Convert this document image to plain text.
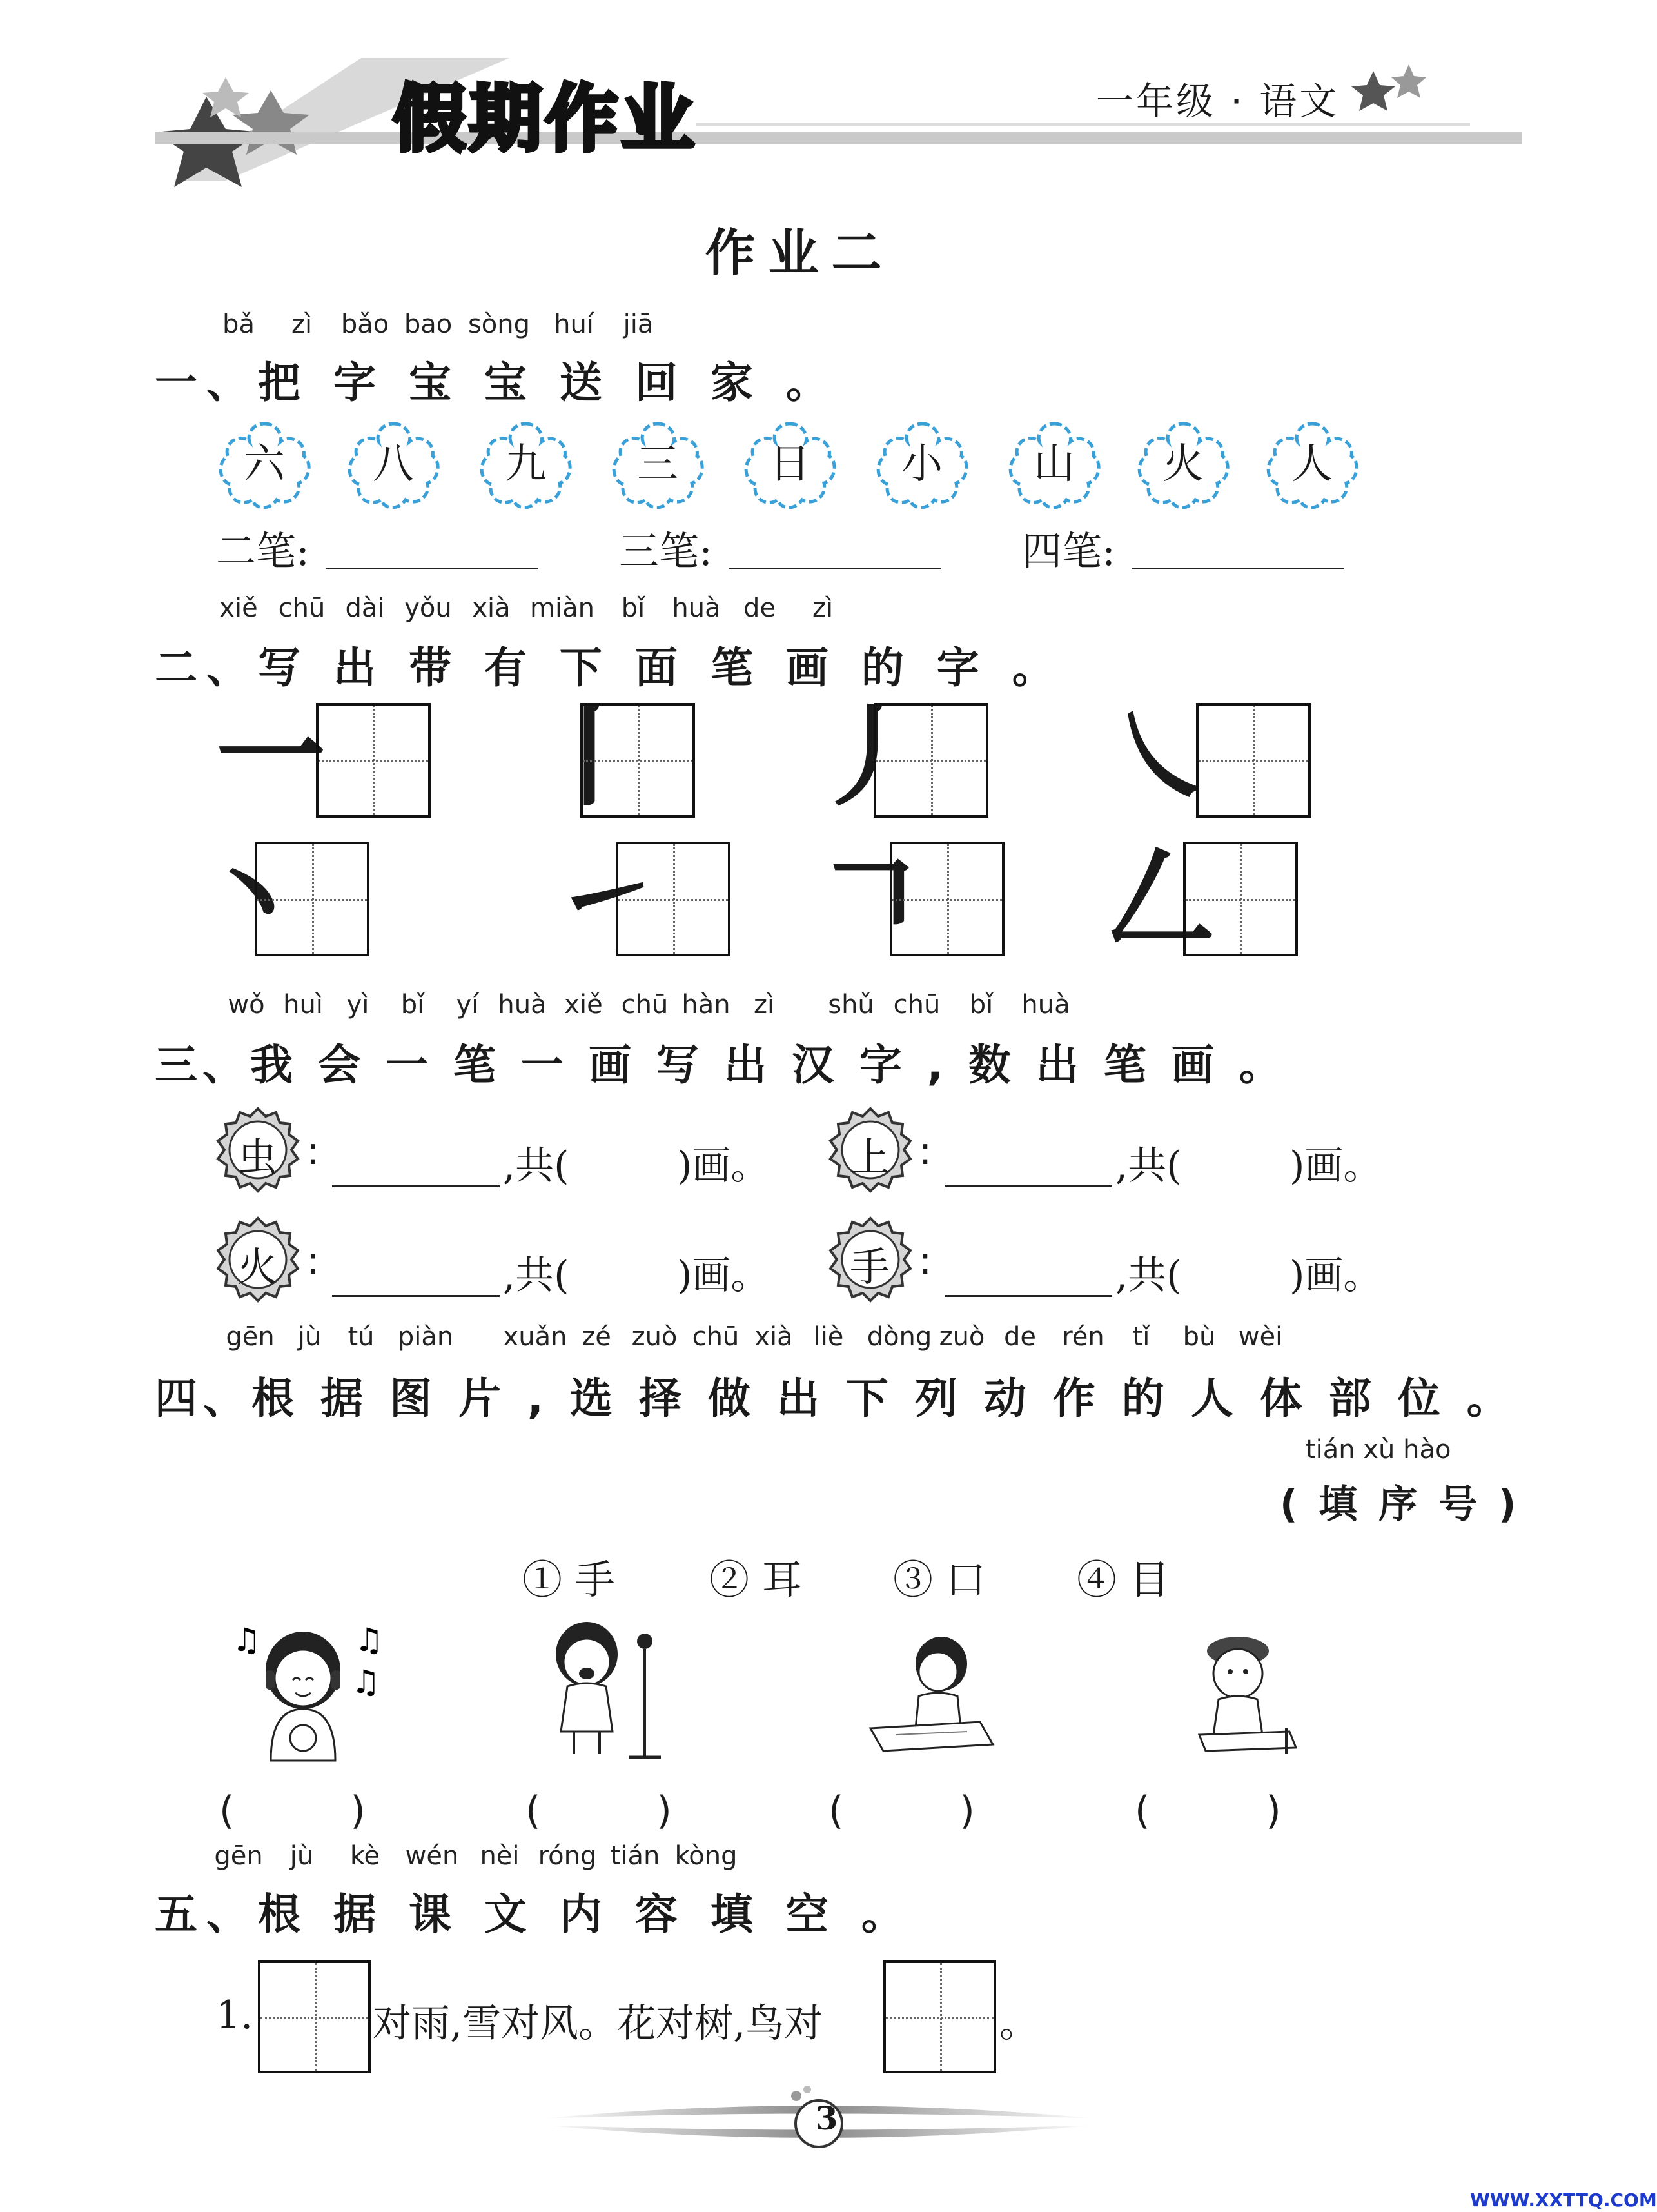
假期作业	一年级 · 语文
作业二
bǎ zì bǎo bao sòng huí jiā
一、把 字 宝 宝 送 回 家 。
六	八	九	三	日	小	山	火	人
二笔:	三笔:	四笔:
xiě chū dài yǒu xià miàn bǐ huà de zì
二、写 出 带 有 下 面 笔 画 的 字 。
一 丨 丿 ㇏
丶 ㇀ 𠃍 𠃋
wǒ huì yì bǐ yí huà xiě chū hàn zì shǔ chū bǐ huà
三、我 会 一 笔 一 画 写 出 汉 字 , 数 出 笔 画 。
虫 :	,共(	)画。 上 :	,共(	)画。
火 :	,共(	)画。 手 :	,共(	)画。
gēn jù tú piàn xuǎn zé zuò chū xià liè dòng zuò de rén tǐ bù wèi
四、根 据 图 片 , 选 择 做 出 下 列 动 作 的 人 体 部 位 。
tián xù hào
( 填 序 号 )
① 手 ② 耳 ③ 口 ④ 目
♫	♫
♫
(　　　)	(　　　)	(　　　)	(　　　)
gēn jù kè wén nèi róng tián kòng
五、根 据 课 文 内 容 填 空 。
1.	对雨,雪对风。花对树,鸟对	。
3
WWW.XXTTQ.COM
